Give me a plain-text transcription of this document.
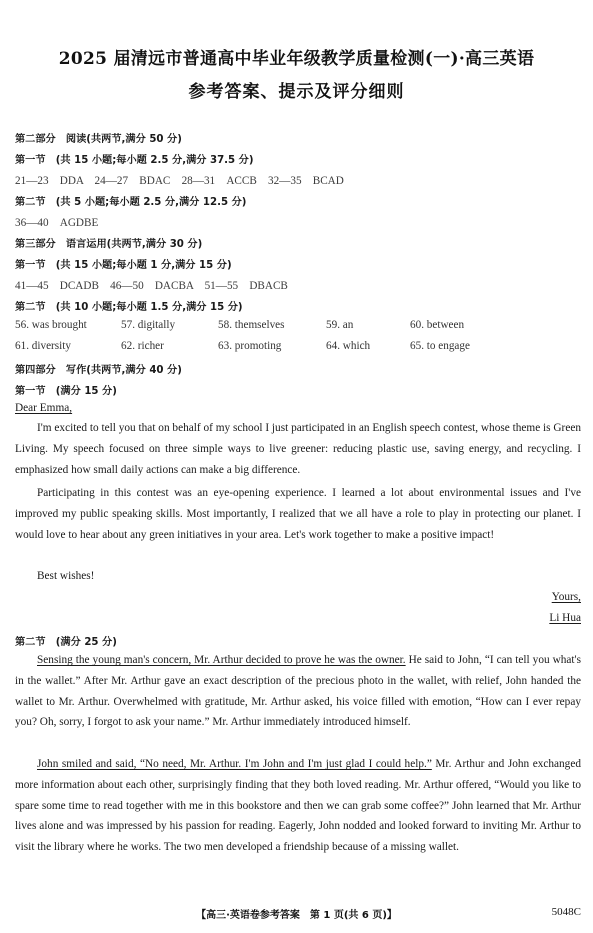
2025 届清远市普通高中毕业年级教学质量检测(一)·高三英语
参考答案、提示及评分细则
第二部分　阅读(共两节,满分 50 分)
第一节　(共 15 小题;每小题 2.5 分,满分 37.5 分)
21—23　DDA　24—27　BDAC　28—31　ACCB　32—35　BCAD
第二节　(共 5 小题;每小题 2.5 分,满分 12.5 分)
36—40　AGDBE
第三部分　语言运用(共两节,满分 30 分)
第一节　(共 15 小题;每小题 1 分,满分 15 分)
41—45　DCADB　46—50　DACBA　51—55　DBACB
第二节　(共 10 小题;每小题 1.5 分,满分 15 分)
56. was brought	57. digitally	58. themselves	59. an	60. between
61. diversity	62. richer	63. promoting	64. which	65. to engage
第四部分　写作(共两节,满分 40 分)
第一节　(满分 15 分)
Dear Emma,
I'm excited to tell you that on behalf of my school I just participated in an English speech contest, whose theme is Green Living. My speech focused on three simple ways to live greener: reducing plastic use, saving energy, and recycling. I emphasized how small daily actions can make a big difference.
Participating in this contest was an eye-opening experience. I learned a lot about environmental issues and I've improved my public speaking skills. Most importantly, I realized that we all have a role to play in protecting our planet. I would love to hear about any green initiatives in your area. Let's work together to make a positive impact!
Best wishes!
Yours,
Li Hua
第二节　(满分 25 分)
Sensing the young man's concern, Mr. Arthur decided to prove he was the owner. He said to John, “I can tell you what's in the wallet.” After Mr. Arthur gave an exact description of the precious photo in the wallet, with relief, John handed the wallet to Mr. Arthur. Overwhelmed with gratitude, Mr. Arthur asked, his voice filled with emotion, “How can I ever repay you? Oh, sorry, I forgot to ask your name.” Mr. Arthur immediately introduced himself.
John smiled and said, “No need, Mr. Arthur. I'm John and I'm just glad I could help.” Mr. Arthur and John exchanged more information about each other, surprisingly finding that they both loved reading. Mr. Arthur offered, “Would you like to spare some time to read together with me in this bookstore and then we can grab some coffee?” John learned that Mr. Arthur lives alone and was impressed by his passion for reading. Eagerly, John nodded and looked forward to inviting Mr. Arthur to visit the library where he works. The two men developed a friendship because of a missing wallet.
【高三·英语卷参考答案　第 1 页(共 6 页)】	5048C
